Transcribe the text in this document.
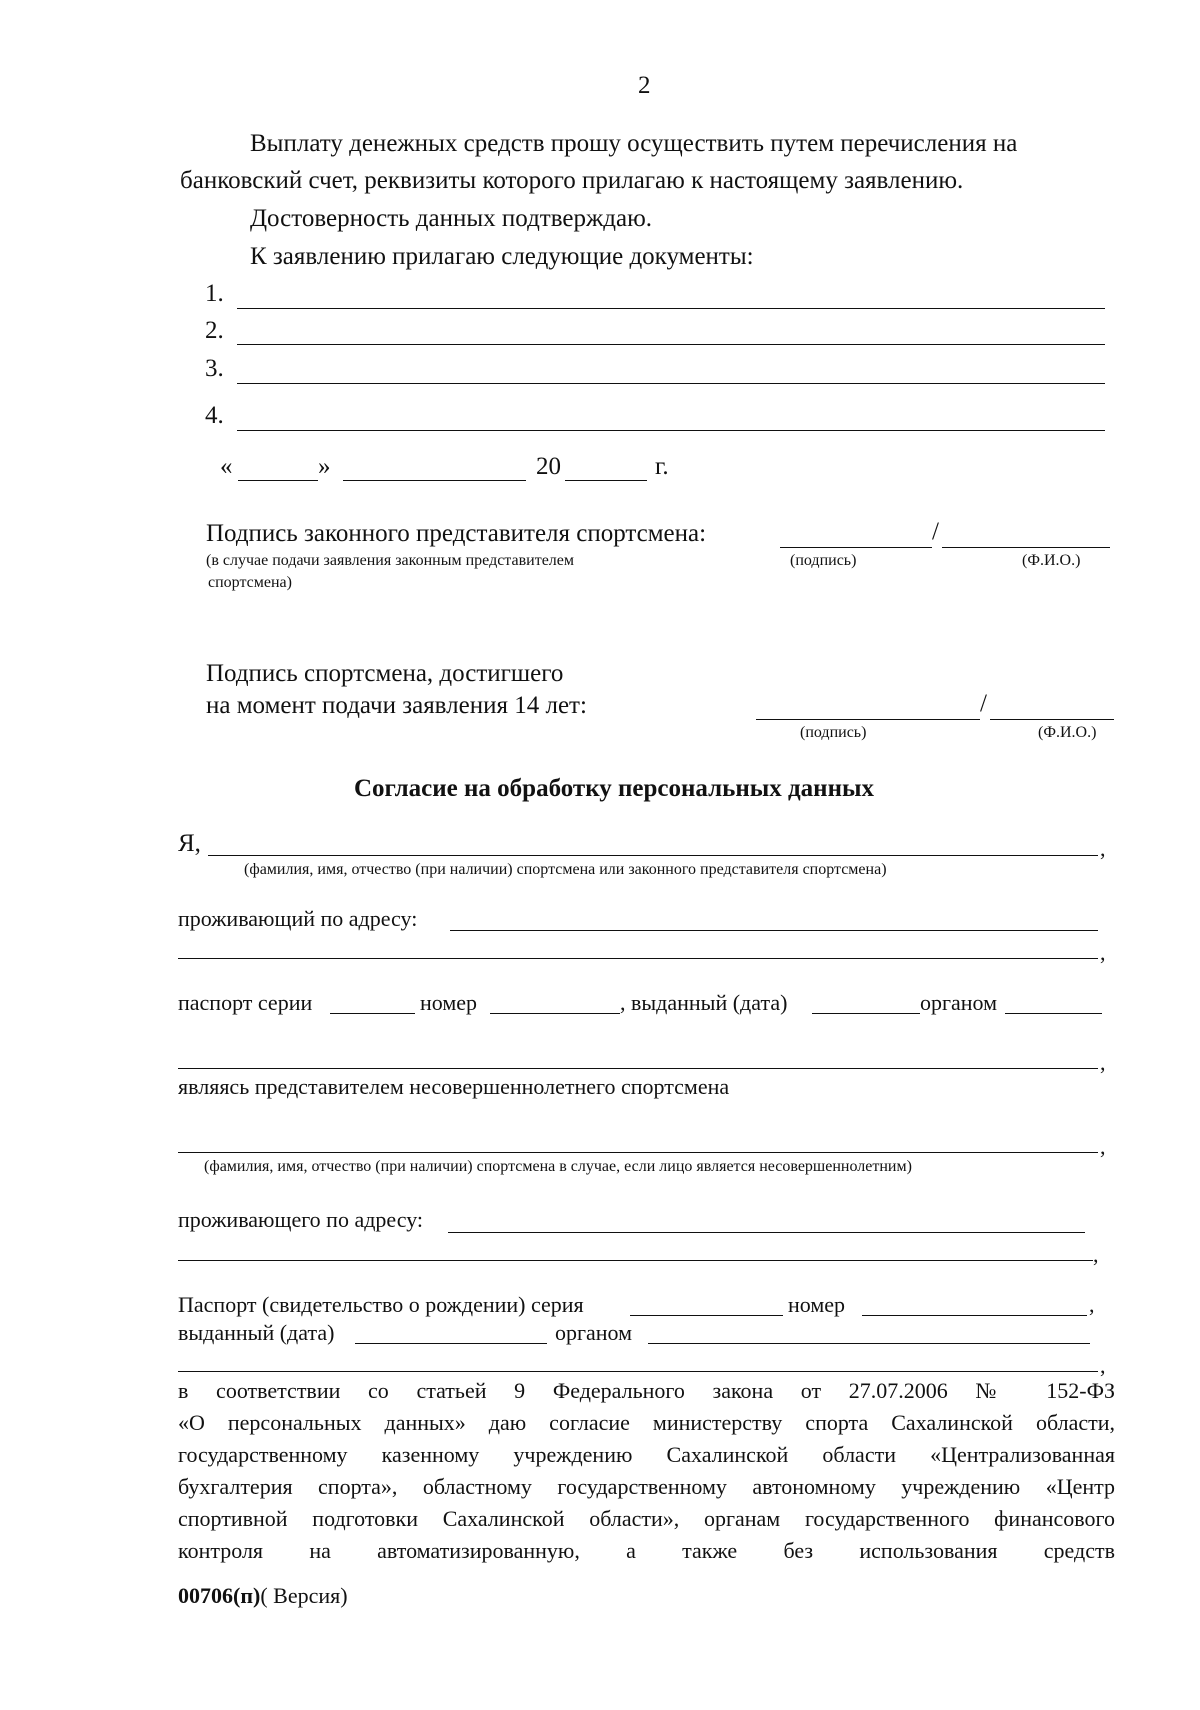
2
Выплату денежных средств прошу осуществить путем перечисления на
банковский счет, реквизиты которого прилагаю к настоящему заявлению.
Достоверность данных подтверждаю.
К заявлению прилагаю следующие документы:
1.
2.
3.
4.
«	»	20	г.
Подпись законного представителя спортсмена:	/
(в случае подачи заявления законным представителем
спортсмена)
(подпись)	(Ф.И.О.)
Подпись спортсмена, достигшего
на момент подачи заявления 14 лет:	/
(подпись)	(Ф.И.О.)
Согласие на обработку персональных данных
Я,	,
(фамилия, имя, отчество (при наличии) спортсмена или законного представителя спортсмена)
проживающий по адресу:
,
паспорт серии	номер	, выданный (дата)	органом
,
являясь представителем несовершеннолетнего спортсмена
,
(фамилия, имя, отчество (при наличии) спортсмена в случае, если лицо является несовершеннолетним)
проживающего по адресу:
,
Паспорт (свидетельство о рождении) серия	номер	,
выданный (дата)	органом
,
в соответствии со статьей 9 Федерального закона от 27.07.2006 № 152-ФЗ
«О персональных данных» даю согласие министерству спорта Сахалинской области,
государственному казенному учреждению Сахалинской области «Централизованная
бухгалтерия спорта», областному государственному автономному учреждению «Центр
спортивной подготовки Сахалинской области», органам государственного финансового
контроля на автоматизированную, а также без использования средств
00706(п)( Версия)
